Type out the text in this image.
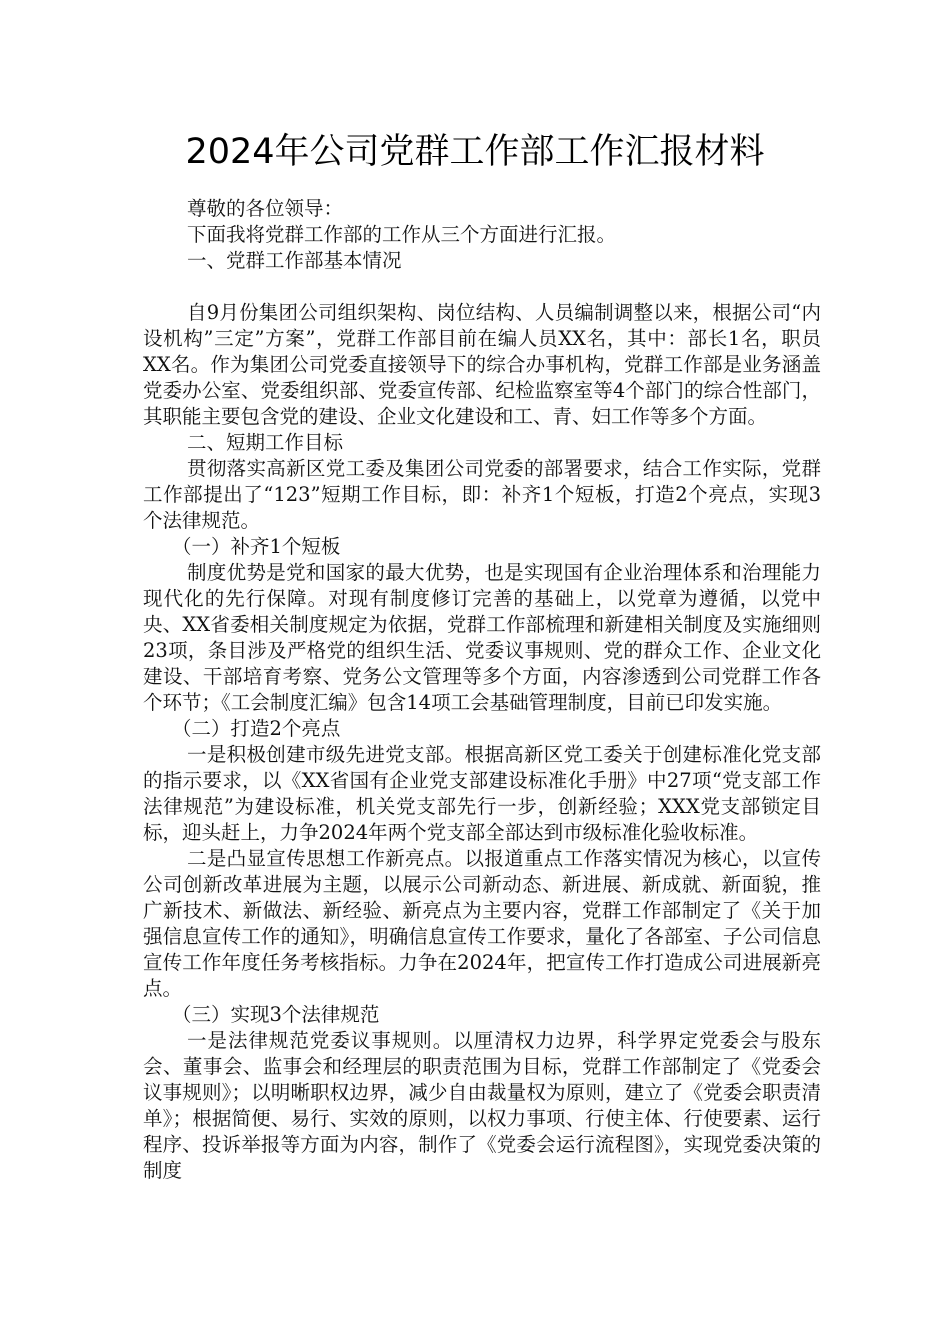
2024年公司党群工作部工作汇报材料

尊敬的各位领导：

下面我将党群工作部的工作从三个方面进行汇报。

一、党群工作部基本情况

自9月份集团公司组织架构、岗位结构、人员编制调整以来，根据公司“内设机构”三定”方案”，党群工作部目前在编人员XX名，其中：部长1名，职员XX名。作为集团公司党委直接领导下的综合办事机构，党群工作部是业务涵盖党委办公室、党委组织部、党委宣传部、纪检监察室等4个部门的综合性部门，其职能主要包含党的建设、企业文化建设和工、青、妇工作等多个方面。

二、短期工作目标

贯彻落实高新区党工委及集团公司党委的部署要求，结合工作实际，党群工作部提出了“123”短期工作目标，即：补齐1个短板，打造2个亮点，实现3个法律规范。

（一）补齐1个短板

制度优势是党和国家的最大优势，也是实现国有企业治理体系和治理能力现代化的先行保障。对现有制度修订完善的基础上，以党章为遵循，以党中央、XX省委相关制度规定为依据，党群工作部梳理和新建相关制度及实施细则23项，条目涉及严格党的组织生活、党委议事规则、党的群众工作、企业文化建设、干部培育考察、党务公文管理等多个方面，内容渗透到公司党群工作各个环节；《工会制度汇编》包含14项工会基础管理制度，目前已印发实施。

（二）打造2个亮点

一是积极创建市级先进党支部。根据高新区党工委关于创建标准化党支部的指示要求，以《XX省国有企业党支部建设标准化手册》中27项“党支部工作法律规范”为建设标准，机关党支部先行一步，创新经验；XXX党支部锁定目标，迎头赶上，力争2024年两个党支部全部达到市级标准化验收标准。

二是凸显宣传思想工作新亮点。以报道重点工作落实情况为核心，以宣传公司创新改革进展为主题，以展示公司新动态、新进展、新成就、新面貌，推广新技术、新做法、新经验、新亮点为主要内容，党群工作部制定了《关于加强信息宣传工作的通知》，明确信息宣传工作要求，量化了各部室、子公司信息宣传工作年度任务考核指标。力争在2024年，把宣传工作打造成公司进展新亮点。

（三）实现3个法律规范

一是法律规范党委议事规则。以厘清权力边界，科学界定党委会与股东会、董事会、监事会和经理层的职责范围为目标，党群工作部制定了《党委会议事规则》；以明晰职权边界，减少自由裁量权为原则，建立了《党委会职责清单》；根据简便、易行、实效的原则，以权力事项、行使主体、行使要素、运行程序、投诉举报等方面为内容，制作了《党委会运行流程图》，实现党委决策的制度
